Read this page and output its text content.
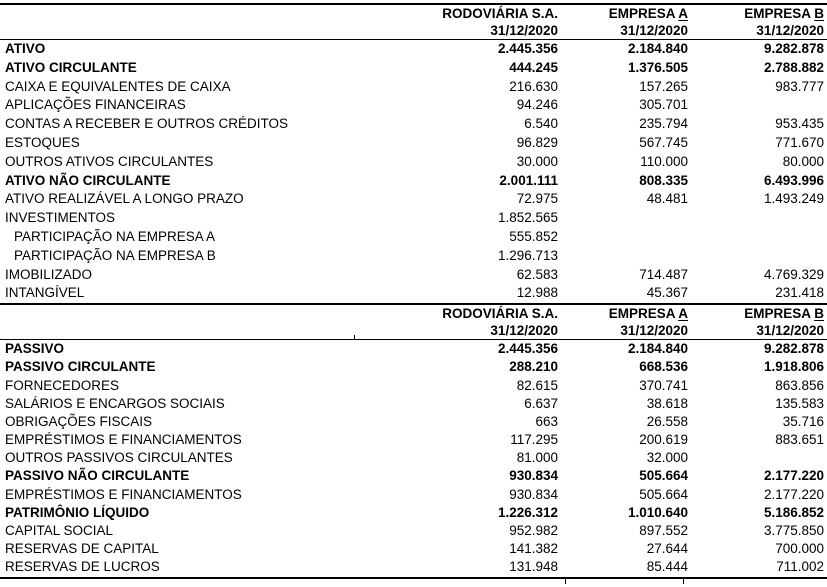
RODOVIÁRIA S.A.	EMPRESA A	EMPRESA B
31/12/2020	31/12/2020	31/12/2020
ATIVO	2.445.356	2.184.840	9.282.878
ATIVO CIRCULANTE	444.245	1.376.505	2.788.882
CAIXA E EQUIVALENTES DE CAIXA	216.630	157.265	983.777
APLICAÇÕES FINANCEIRAS	94.246	305.701
CONTAS A RECEBER E OUTROS CRÉDITOS	6.540	235.794	953.435
ESTOQUES	96.829	567.745	771.670
OUTROS ATIVOS CIRCULANTES	30.000	110.000	80.000
ATIVO NÃO CIRCULANTE	2.001.111	808.335	6.493.996
ATIVO REALIZÁVEL A LONGO PRAZO	72.975	48.481	1.493.249
INVESTIMENTOS	1.852.565
PARTICIPAÇÃO NA EMPRESA A	555.852
PARTICIPAÇÃO NA EMPRESA B	1.296.713
IMOBILIZADO	62.583	714.487	4.769.329
INTANGÍVEL	12.988	45.367	231.418
RODOVIÁRIA S.A.	EMPRESA A	EMPRESA B
31/12/2020	31/12/2020	31/12/2020
PASSIVO	2.445.356	2.184.840	9.282.878
PASSIVO CIRCULANTE	288.210	668.536	1.918.806
FORNECEDORES	82.615	370.741	863.856
SALÁRIOS E ENCARGOS SOCIAIS	6.637	38.618	135.583
OBRIGAÇÕES FISCAIS	663	26.558	35.716
EMPRÉSTIMOS E FINANCIAMENTOS	117.295	200.619	883.651
OUTROS PASSIVOS CIRCULANTES	81.000	32.000
PASSIVO NÃO CIRCULANTE	930.834	505.664	2.177.220
EMPRÉSTIMOS E FINANCIAMENTOS	930.834	505.664	2.177.220
PATRIMÔNIO LÍQUIDO	1.226.312	1.010.640	5.186.852
CAPITAL SOCIAL	952.982	897.552	3.775.850
RESERVAS DE CAPITAL	141.382	27.644	700.000
RESERVAS DE LUCROS	131.948	85.444	711.002
